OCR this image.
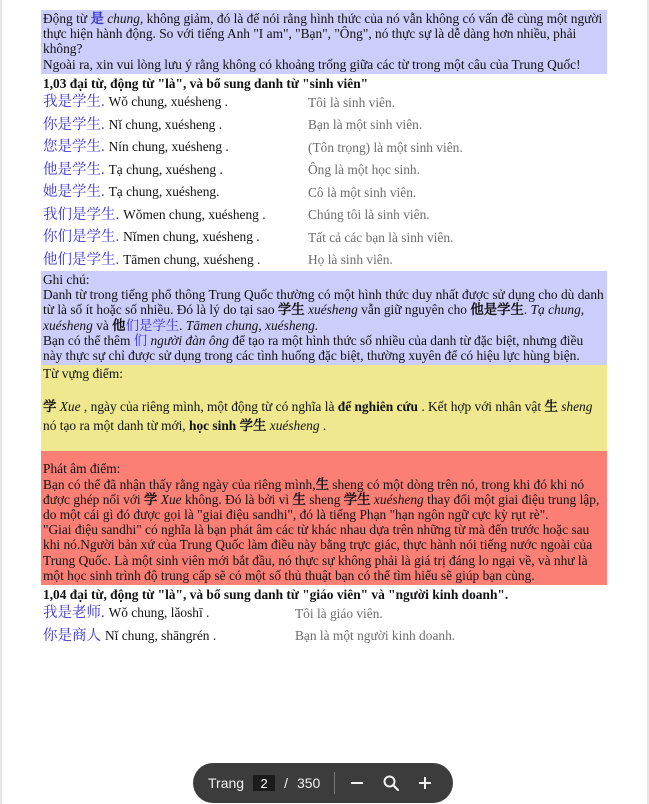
Động từ 是 chung, không giảm, đó là để nói rằng hình thức của nó vẫn không có vấn đề cùng một người thực hiện hành động. So với tiếng Anh "I am", "Bạn", "Ông", nó thực sự là dễ dàng hơn nhiều, phải không?

Ngoài ra, xin vui lòng lưu ý rằng không có khoảng trống giữa các từ trong một câu của Trung Quốc!

1,03 đại từ, động từ "là", và bổ sung danh từ "sinh viên"
我是学生. Wǒ chung, xuésheng .	Tôi là sinh viên.
你是学生. Nǐ chung, xuésheng .	Bạn là một sinh viên.
您是学生. Nín chung, xuésheng .	(Tôn trọng) là một sinh viên.
他是学生. Tạ chung, xuésheng .	Ông là một học sinh.
她是学生. Tạ chung, xuésheng.	Cô là một sinh viên.
我们是学生. Wǒmen chung, xuésheng .	Chúng tôi là sinh viên.
你们是学生. Nǐmen chung, xuésheng .	Tất cả các bạn là sinh viên.
他们是学生. Tāmen chung, xuésheng .	Họ là sinh viên.

Ghi chú:

Danh từ trong tiếng phổ thông Trung Quốc thường có một hình thức duy nhất được sử dụng cho dù danh từ là số ít hoặc số nhiều. Đó là lý do tại sao 学生 xuésheng vẫn giữ nguyên cho 他是学生. Tạ chung, xuésheng và 他们是学生. Tāmen chung, xuésheng.

Bạn có thể thêm 们 người đàn ông để tạo ra một hình thức số nhiều của danh từ đặc biệt, nhưng điều này thực sự chỉ được sử dụng trong các tình huống đặc biệt, thường xuyên để có hiệu lực hùng biện.

Từ vựng điểm:

学 Xue , ngày của riêng mình, một động từ có nghĩa là để nghiên cứu . Kết hợp với nhân vật 生 sheng nó tạo ra một danh từ mới, học sinh 学生 xuésheng .

Phát âm điểm:

Bạn có thể đã nhận thấy rằng ngày của riêng mình,生 sheng có một dòng trên nó, trong khi đó khi nó được ghép nối với 学 Xue không. Đó là bởi vì 生 sheng 学生 xuésheng thay đổi một giai điệu trung lập, do một cái gì đó được gọi là "giai điệu sandhi", đó là tiếng Phạn "hạn ngôn ngữ cực kỳ rụt rè".

"Giai điệu sandhi" có nghĩa là bạn phát âm các từ khác nhau dựa trên những từ mà đến trước hoặc sau khi nó.Người bản xứ của Trung Quốc làm điều này bằng trực giác, thực hành nói tiếng nước ngoài của Trung Quốc. Là một sinh viên mới bắt đầu, nó thực sự không phải là giá trị đáng lo ngại về, và như là một học sinh trình độ trung cấp sẽ có một số thủ thuật bạn có thể tìm hiểu sẽ giúp bạn cùng.

1,04 đại từ, động từ "là", và bổ sung danh từ "giáo viên" và "người kinh doanh".
我是老师. Wǒ chung, lǎoshī .	Tôi là giáo viên.
你是商人 Nǐ chung, shāngrén .	Bạn là một người kinh doanh.
Trang
2	/ 350
